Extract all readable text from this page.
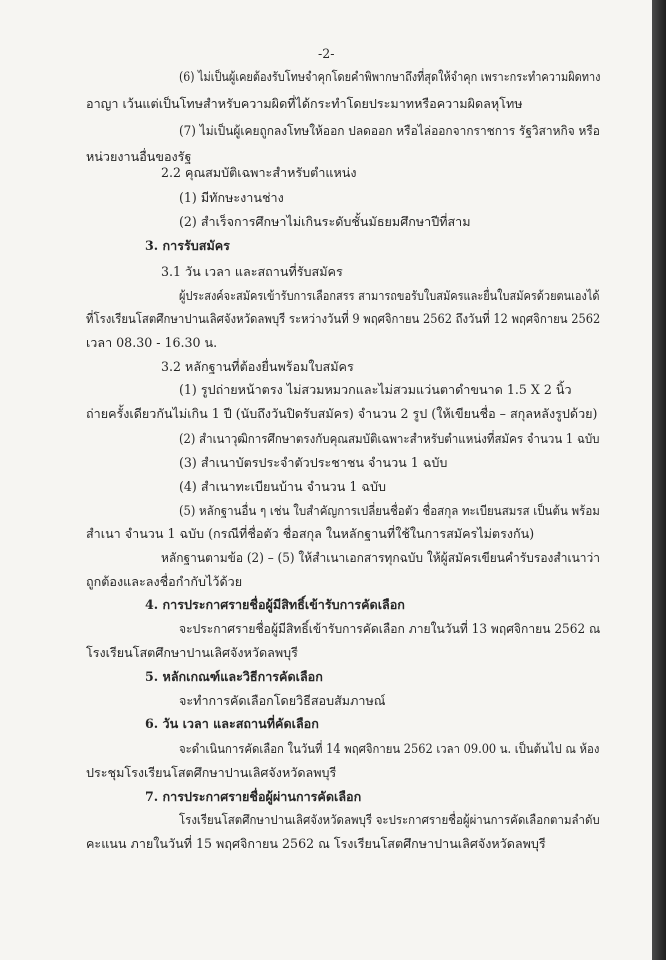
-2-

(6) ไม่เป็นผู้เคยต้องรับโทษจำคุกโดยคำพิพากษาถึงที่สุดให้จำคุก เพราะกระทำความผิดทาง

อาญา เว้นแต่เป็นโทษสำหรับความผิดที่ได้กระทำโดยประมาทหรือความผิดลหุโทษ

(7) ไม่เป็นผู้เคยถูกลงโทษให้ออก ปลดออก หรือไล่ออกจากราชการ รัฐวิสาหกิจ หรือ

หน่วยงานอื่นของรัฐ

2.2 คุณสมบัติเฉพาะสำหรับตำแหน่ง

(1) มีทักษะงานช่าง

(2) สำเร็จการศึกษาไม่เกินระดับชั้นมัธยมศึกษาปีที่สาม

3. การรับสมัคร

3.1 วัน เวลา และสถานที่รับสมัคร

ผู้ประสงค์จะสมัครเข้ารับการเลือกสรร สามารถขอรับใบสมัครและยื่นใบสมัครด้วยตนเองได้

ที่โรงเรียนโสตศึกษาปานเลิศจังหวัดลพบุรี ระหว่างวันที่ 9 พฤศจิกายน 2562 ถึงวันที่ 12 พฤศจิกายน 2562

เวลา 08.30 - 16.30 น.

3.2 หลักฐานที่ต้องยื่นพร้อมใบสมัคร

(1) รูปถ่ายหน้าตรง ไม่สวมหมวกและไม่สวมแว่นตาดำขนาด 1.5 X 2 นิ้ว

ถ่ายครั้งเดียวกันไม่เกิน 1 ปี (นับถึงวันปิดรับสมัคร) จำนวน 2 รูป (ให้เขียนชื่อ – สกุลหลังรูปด้วย)

(2) สำเนาวุฒิการศึกษาตรงกับคุณสมบัติเฉพาะสำหรับตำแหน่งที่สมัคร จำนวน 1 ฉบับ

(3) สำเนาบัตรประจำตัวประชาชน จำนวน 1 ฉบับ

(4) สำเนาทะเบียนบ้าน จำนวน 1 ฉบับ

(5) หลักฐานอื่น ๆ เช่น ใบสำคัญการเปลี่ยนชื่อตัว ชื่อสกุล ทะเบียนสมรส เป็นต้น พร้อม

สำเนา จำนวน 1 ฉบับ (กรณีที่ชื่อตัว ชื่อสกุล ในหลักฐานที่ใช้ในการสมัครไม่ตรงกัน)

หลักฐานตามข้อ (2) – (5) ให้สำเนาเอกสารทุกฉบับ ให้ผู้สมัครเขียนคำรับรองสำเนาว่า

ถูกต้องและลงชื่อกำกับไว้ด้วย

4. การประกาศรายชื่อผู้มีสิทธิ์เข้ารับการคัดเลือก

จะประกาศรายชื่อผู้มีสิทธิ์เข้ารับการคัดเลือก ภายในวันที่ 13 พฤศจิกายน 2562 ณ

โรงเรียนโสตศึกษาปานเลิศจังหวัดลพบุรี

5. หลักเกณฑ์และวิธีการคัดเลือก

จะทำการคัดเลือกโดยวิธีสอบสัมภาษณ์

6. วัน เวลา และสถานที่คัดเลือก

จะดำเนินการคัดเลือก ในวันที่ 14 พฤศจิกายน 2562 เวลา 09.00 น. เป็นต้นไป ณ ห้อง

ประชุมโรงเรียนโสตศึกษาปานเลิศจังหวัดลพบุรี

7. การประกาศรายชื่อผู้ผ่านการคัดเลือก

โรงเรียนโสตศึกษาปานเลิศจังหวัดลพบุรี จะประกาศรายชื่อผู้ผ่านการคัดเลือกตามลำดับ

คะแนน ภายในวันที่ 15 พฤศจิกายน 2562 ณ โรงเรียนโสตศึกษาปานเลิศจังหวัดลพบุรี
